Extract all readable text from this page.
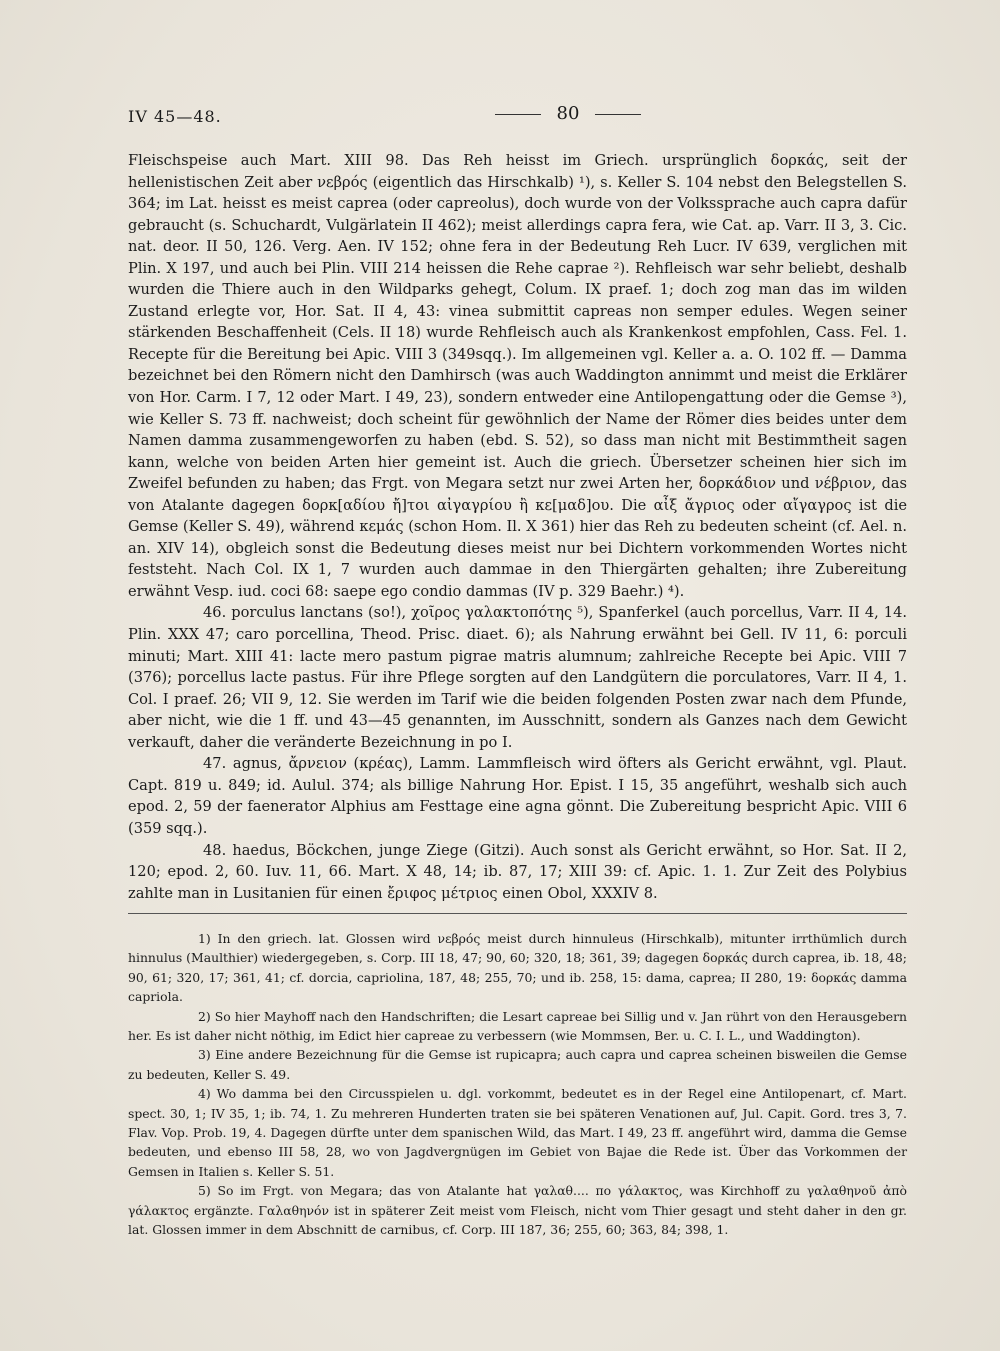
IV 45—48.	80

Fleischspeise auch Mart. XIII 98. Das Reh heisst im Griech. ursprünglich δορκάς, seit der hellenistischen Zeit aber νεβρός (eigentlich das Hirschkalb) ¹), s. Keller S. 104 nebst den Belegstellen S. 364; im Lat. heisst es meist caprea (oder capreolus), doch wurde von der Volkssprache auch capra dafür gebraucht (s. Schuchardt, Vulgärlatein II 462); meist allerdings capra fera, wie Cat. ap. Varr. II 3, 3. Cic. nat. deor. II 50, 126. Verg. Aen. IV 152; ohne fera in der Bedeutung Reh Lucr. IV 639, verglichen mit Plin. X 197, und auch bei Plin. VIII 214 heissen die Rehe caprae ²). Rehfleisch war sehr beliebt, deshalb wurden die Thiere auch in den Wildparks gehegt, Colum. IX praef. 1; doch zog man das im wilden Zustand erlegte vor, Hor. Sat. II 4, 43: vinea submittit capreas non semper edules. Wegen seiner stärkenden Beschaffenheit (Cels. II 18) wurde Rehfleisch auch als Krankenkost empfohlen, Cass. Fel. 1. Recepte für die Bereitung bei Apic. VIII 3 (349sqq.). Im allgemeinen vgl. Keller a. a. O. 102 ff. — Damma bezeichnet bei den Römern nicht den Damhirsch (was auch Waddington annimmt und meist die Erklärer von Hor. Carm. I 7, 12 oder Mart. I 49, 23), sondern entweder eine Antilopengattung oder die Gemse ³), wie Keller S. 73 ff. nachweist; doch scheint für gewöhnlich der Name der Römer dies beides unter dem Namen damma zusammengeworfen zu haben (ebd. S. 52), so dass man nicht mit Bestimmtheit sagen kann, welche von beiden Arten hier gemeint ist. Auch die griech. Übersetzer scheinen hier sich im Zweifel befunden zu haben; das Frgt. von Megara setzt nur zwei Arten her, δορκάδιον und νέβριον, das von Atalante dagegen δορκ[αδίου ἤ]τοι αἰγαγρίου ἢ κε[μαδ]ου. Die αἶξ ἄγριος oder αἴγαγρος ist die Gemse (Keller S. 49), während κεμάς (schon Hom. Il. X 361) hier das Reh zu bedeuten scheint (cf. Ael. n. an. XIV 14), obgleich sonst die Bedeutung dieses meist nur bei Dichtern vorkommenden Wortes nicht feststeht. Nach Col. IX 1, 7 wurden auch dammae in den Thiergärten gehalten; ihre Zubereitung erwähnt Vesp. iud. coci 68: saepe ego condio dammas (IV p. 329 Baehr.) ⁴).

46. porculus lanctans (so!), χοῖρος γαλακτοπότης ⁵), Spanferkel (auch porcellus, Varr. II 4, 14. Plin. XXX 47; caro porcellina, Theod. Prisc. diaet. 6); als Nahrung erwähnt bei Gell. IV 11, 6: porculi minuti; Mart. XIII 41: lacte mero pastum pigrae matris alumnum; zahlreiche Recepte bei Apic. VIII 7 (376); porcellus lacte pastus. Für ihre Pflege sorgten auf den Landgütern die porculatores, Varr. II 4, 1. Col. I praef. 26; VII 9, 12. Sie werden im Tarif wie die beiden folgenden Posten zwar nach dem Pfunde, aber nicht, wie die 1 ff. und 43—45 genannten, im Ausschnitt, sondern als Ganzes nach dem Gewicht verkauft, daher die veränderte Bezeichnung in po I.

47. agnus, ἄρνειον (κρέας), Lamm. Lammfleisch wird öfters als Gericht erwähnt, vgl. Plaut. Capt. 819 u. 849; id. Aulul. 374; als billige Nahrung Hor. Epist. I 15, 35 angeführt, weshalb sich auch epod. 2, 59 der faenerator Alphius am Festtage eine agna gönnt. Die Zubereitung bespricht Apic. VIII 6 (359 sqq.).

48. haedus, Böckchen, junge Ziege (Gitzi). Auch sonst als Gericht erwähnt, so Hor. Sat. II 2, 120; epod. 2, 60. Iuv. 11, 66. Mart. X 48, 14; ib. 87, 17; XIII 39: cf. Apic. 1. 1. Zur Zeit des Polybius zahlte man in Lusitanien für einen ἔριφος μέτριος einen Obol, XXXIV 8.

1) In den griech. lat. Glossen wird νεβρός meist durch hinnuleus (Hirschkalb), mitunter irrthümlich durch hinnulus (Maulthier) wiedergegeben, s. Corp. III 18, 47; 90, 60; 320, 18; 361, 39; dagegen δορκάς durch caprea, ib. 18, 48; 90, 61; 320, 17; 361, 41; cf. dorcia, capriolina, 187, 48; 255, 70; und ib. 258, 15: dama, caprea; II 280, 19: δορκάς damma capriola.

2) So hier Mayhoff nach den Handschriften; die Lesart capreae bei Sillig und v. Jan rührt von den Herausgebern her. Es ist daher nicht nöthig, im Edict hier capreae zu verbessern (wie Mommsen, Ber. u. C. I. L., und Waddington).

3) Eine andere Bezeichnung für die Gemse ist rupicapra; auch capra und caprea scheinen bisweilen die Gemse zu bedeuten, Keller S. 49.

4) Wo damma bei den Circusspielen u. dgl. vorkommt, bedeutet es in der Regel eine Antilopenart, cf. Mart. spect. 30, 1; IV 35, 1; ib. 74, 1. Zu mehreren Hunderten traten sie bei späteren Venationen auf, Jul. Capit. Gord. tres 3, 7. Flav. Vop. Prob. 19, 4. Dagegen dürfte unter dem spanischen Wild, das Mart. I 49, 23 ff. angeführt wird, damma die Gemse bedeuten, und ebenso III 58, 28, wo von Jagdvergnügen im Gebiet von Bajae die Rede ist. Über das Vorkommen der Gemsen in Italien s. Keller S. 51.

5) So im Frgt. von Megara; das von Atalante hat γαλαθ.... πο γάλακτος, was Kirchhoff zu γαλαθηνοῦ ἀπὸ γάλακτος ergänzte. Γαλαθηνόν ist in späterer Zeit meist vom Fleisch, nicht vom Thier gesagt und steht daher in den gr. lat. Glossen immer in dem Abschnitt de carnibus, cf. Corp. III 187, 36; 255, 60; 363, 84; 398, 1.
